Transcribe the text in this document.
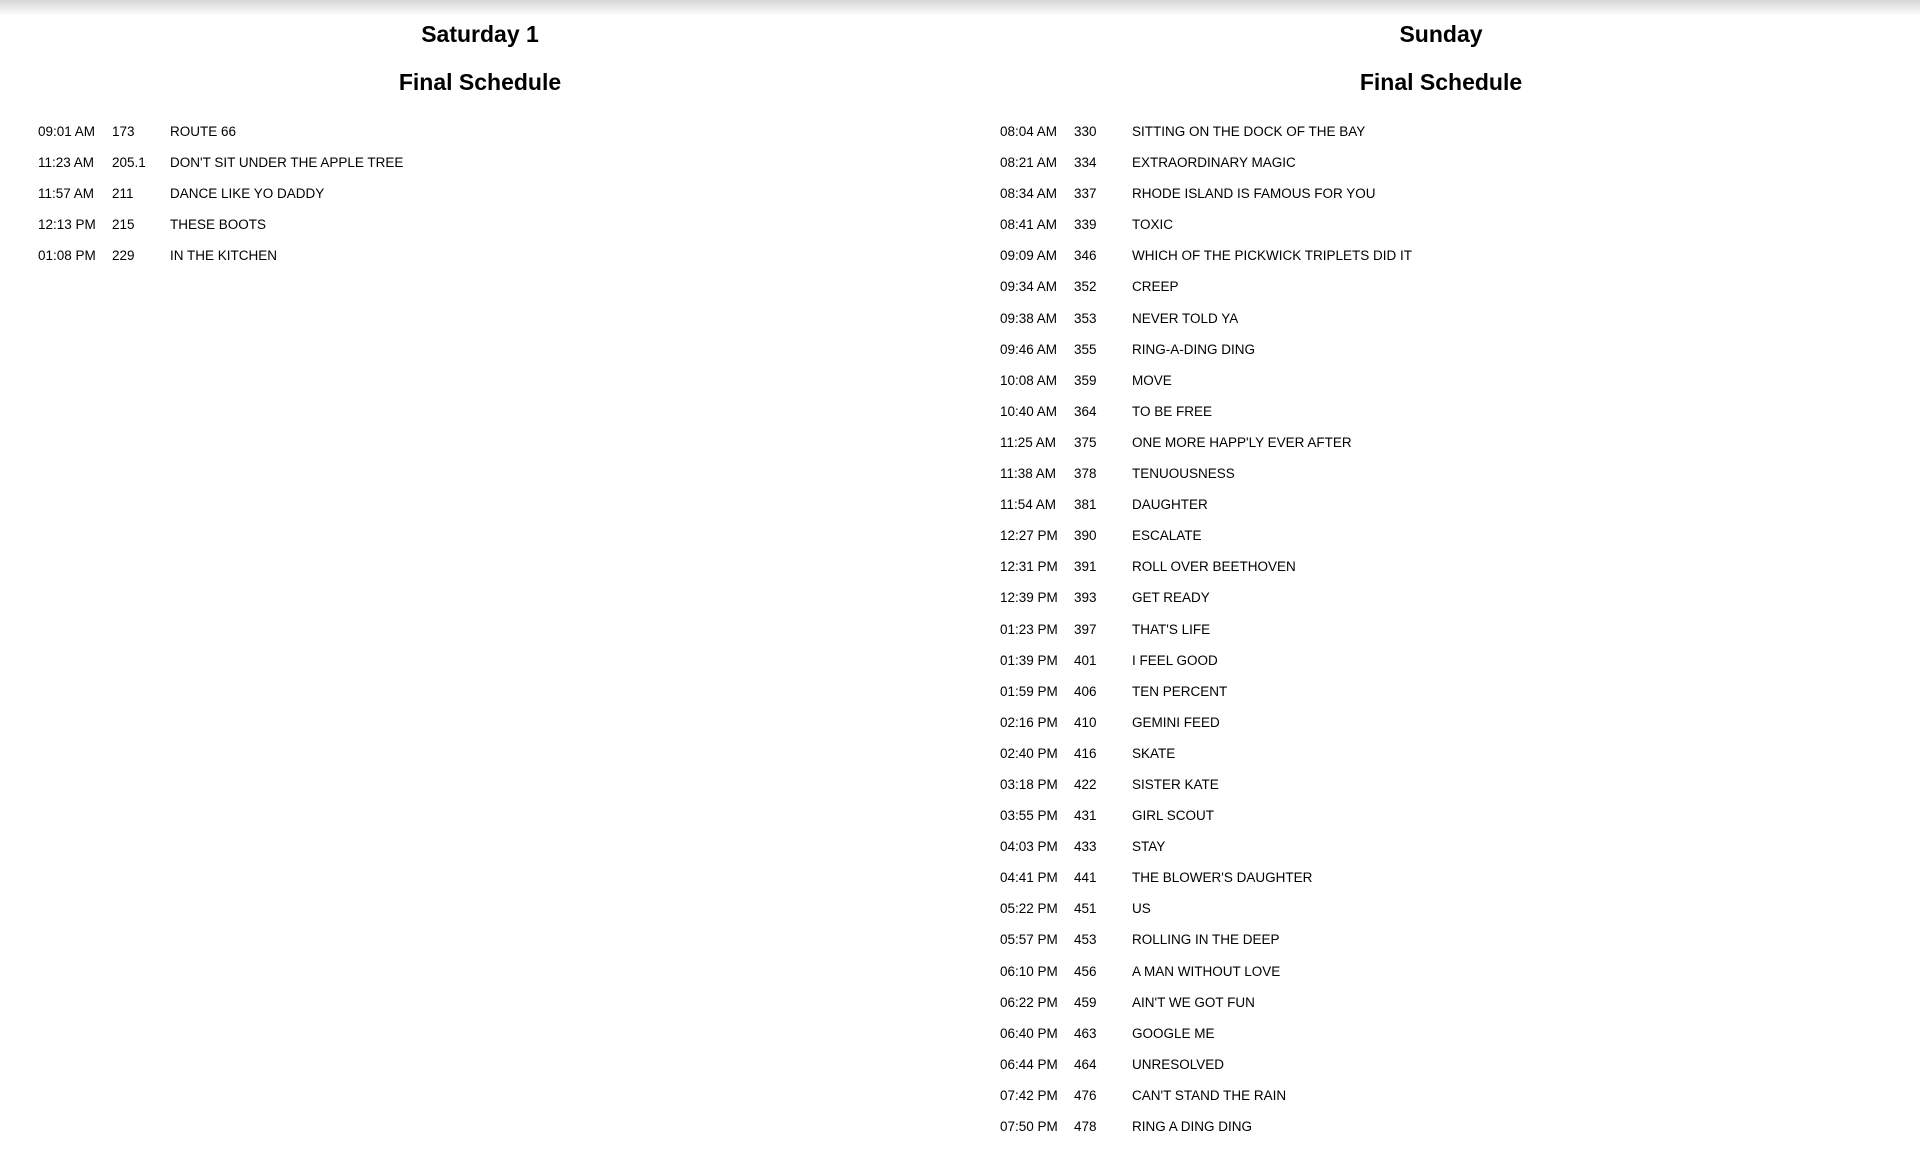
Saturday 1
Final Schedule
09:01 AM	173	ROUTE 66
11:23 AM	205.1	DON'T SIT UNDER THE APPLE TREE
11:57 AM	211	DANCE LIKE YO DADDY
12:13 PM	215	THESE BOOTS
01:08 PM	229	IN THE KITCHEN
Sunday
Final Schedule
08:04 AM	330	SITTING ON THE DOCK OF THE BAY
08:21 AM	334	EXTRAORDINARY MAGIC
08:34 AM	337	RHODE ISLAND IS FAMOUS FOR YOU
08:41 AM	339	TOXIC
09:09 AM	346	WHICH OF THE PICKWICK TRIPLETS DID IT
09:34 AM	352	CREEP
09:38 AM	353	NEVER TOLD YA
09:46 AM	355	RING-A-DING DING
10:08 AM	359	MOVE
10:40 AM	364	TO BE FREE
11:25 AM	375	ONE MORE HAPP'LY EVER AFTER
11:38 AM	378	TENUOUSNESS
11:54 AM	381	DAUGHTER
12:27 PM	390	ESCALATE
12:31 PM	391	ROLL OVER BEETHOVEN
12:39 PM	393	GET READY
01:23 PM	397	THAT'S LIFE
01:39 PM	401	I FEEL GOOD
01:59 PM	406	TEN PERCENT
02:16 PM	410	GEMINI FEED
02:40 PM	416	SKATE
03:18 PM	422	SISTER KATE
03:55 PM	431	GIRL SCOUT
04:03 PM	433	STAY
04:41 PM	441	THE BLOWER'S DAUGHTER
05:22 PM	451	US
05:57 PM	453	ROLLING IN THE DEEP
06:10 PM	456	A MAN WITHOUT LOVE
06:22 PM	459	AIN'T WE GOT FUN
06:40 PM	463	GOOGLE ME
06:44 PM	464	UNRESOLVED
07:42 PM	476	CAN'T STAND THE RAIN
07:50 PM	478	RING A DING DING
